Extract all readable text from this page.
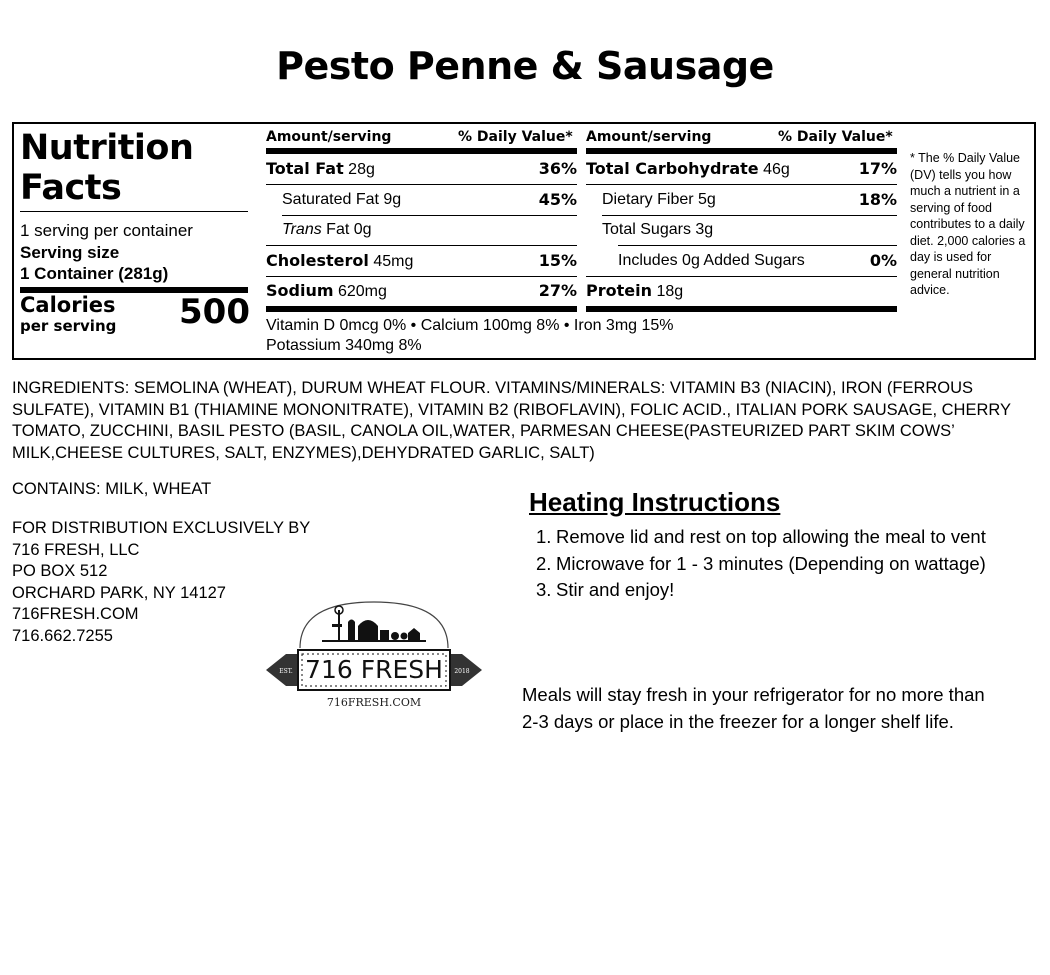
Pesto Penne & Sausage
Nutrition
Facts
1 serving per container
Serving size
1 Container (281g)
Calories
per serving 500
Amount/serving	% Daily Value* Amount/serving	% Daily Value*
Total Fat 28g	36%
Saturated Fat 9g	45%
Trans Fat 0g
Cholesterol 45mg	15%
Sodium 620mg	27%
Total Carbohydrate 46g	17%
Dietary Fiber 5g	18%
Total Sugars 3g
Includes 0g Added Sugars	0%
Protein 18g
Vitamin D 0mcg 0% • Calcium 100mg 8% • Iron 3mg 15%
Potassium 340mg 8%
* The % Daily Value (DV) tells you how much a nutrient in a serving of food contributes to a daily diet. 2,000 calories a day is used for general nutrition advice.
INGREDIENTS: SEMOLINA (WHEAT), DURUM WHEAT FLOUR. VITAMINS/MINERALS: VITAMIN B3 (NIACIN), IRON (FERROUS SULFATE), VITAMIN B1 (THIAMINE MONONITRATE), VITAMIN B2 (RIBOFLAVIN), FOLIC ACID., ITALIAN PORK SAUSAGE, CHERRY TOMATO, ZUCCHINI, BASIL PESTO (BASIL, CANOLA OIL,WATER, PARMESAN CHEESE(PASTEURIZED PART SKIM COWS’ MILK,CHEESE CULTURES, SALT, ENZYMES),DEHYDRATED GARLIC, SALT)
CONTAINS: MILK, WHEAT
FOR DISTRIBUTION EXCLUSIVELY BY
716 FRESH, LLC
PO BOX 512
ORCHARD PARK, NY 14127
716FRESH.COM
716.662.7255
EST.	2018
716 FRESH
716FRESH.COM
Heating Instructions
1. Remove lid and rest on top allowing the meal to vent
2. Microwave for 1 - 3 minutes (Depending on wattage)
3. Stir and enjoy!
Meals will stay fresh in your refrigerator for no more than 2-3 days or place in the freezer for a longer shelf life.
